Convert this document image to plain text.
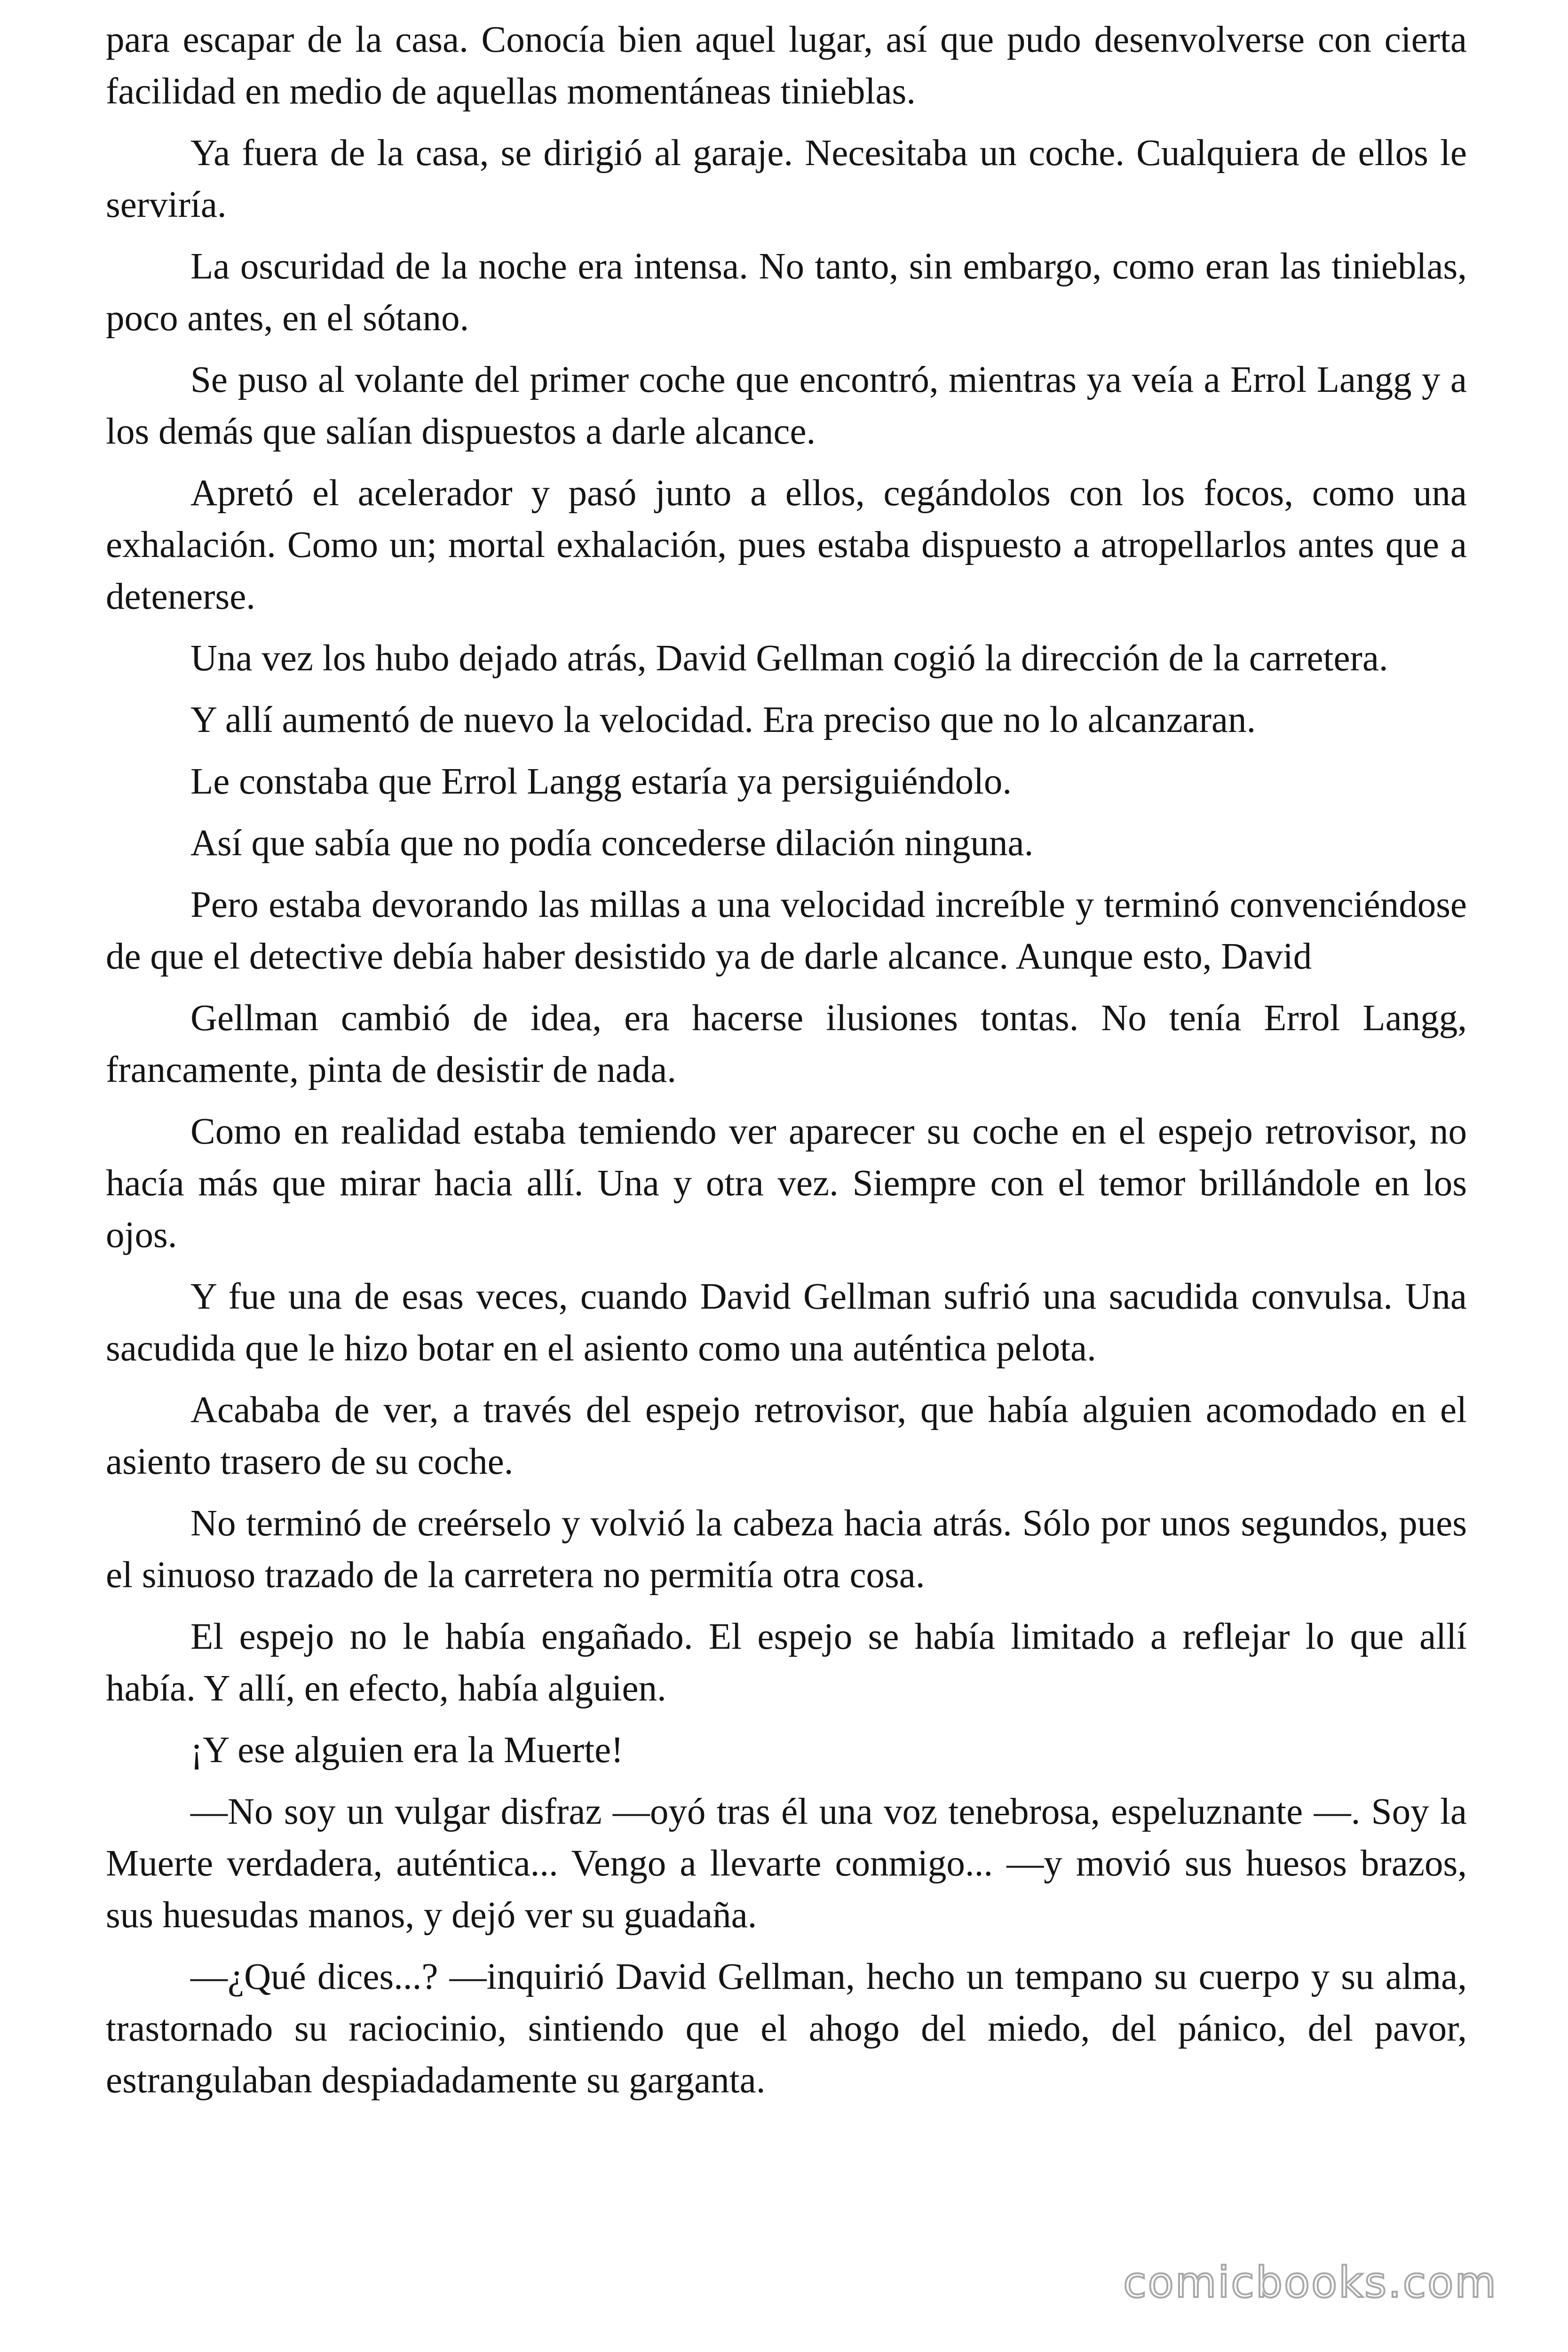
para escapar de la casa. Conocía bien aquel lugar, así que pudo desenvolverse con cierta facilidad en medio de aquellas momentáneas tinieblas.

Ya fuera de la casa, se dirigió al garaje. Necesitaba un coche. Cualquiera de ellos le serviría.

La oscuridad de la noche era intensa. No tanto, sin embargo, como eran las tinieblas, poco antes, en el sótano.

Se puso al volante del primer coche que encontró, mientras ya veía a Errol Langg y a los demás que salían dispuestos a darle alcance.

Apretó el acelerador y pasó junto a ellos, cegándolos con los focos, como una exhalación. Como un; mortal exhalación, pues estaba dispuesto a atropellarlos antes que a detenerse.

Una vez los hubo dejado atrás, David Gellman cogió la dirección de la carretera.

Y allí aumentó de nuevo la velocidad. Era preciso que no lo alcanzaran.

Le constaba que Errol Langg estaría ya persiguiéndolo.

Así que sabía que no podía concederse dilación ninguna.

Pero estaba devorando las millas a una velocidad increíble y terminó convenciéndose de que el detective debía haber desistido ya de darle alcance. Aunque esto, David

Gellman cambió de idea, era hacerse ilusiones tontas. No tenía Errol Langg, francamente, pinta de desistir de nada.

Como en realidad estaba temiendo ver aparecer su coche en el espejo retrovisor, no hacía más que mirar hacia allí. Una y otra vez. Siempre con el temor brillándole en los ojos.

Y fue una de esas veces, cuando David Gellman sufrió una sacudida convulsa. Una sacudida que le hizo botar en el asiento como una auténtica pelota.

Acababa de ver, a través del espejo retrovisor, que había alguien acomodado en el asiento trasero de su coche.

No terminó de creérselo y volvió la cabeza hacia atrás. Sólo por unos segundos, pues el sinuoso trazado de la carretera no permitía otra cosa.

El espejo no le había engañado. El espejo se había limitado a reflejar lo que allí había. Y allí, en efecto, había alguien.

¡Y ese alguien era la Muerte!

—No soy un vulgar disfraz —oyó tras él una voz tenebrosa, espeluznante —. Soy la Muerte verdadera, auténtica... Vengo a llevarte conmigo... —y movió sus huesos brazos, sus huesudas manos, y dejó ver su guadaña.

—¿Qué dices...? —inquirió David Gellman, hecho un tempano su cuerpo y su alma, trastornado su raciocinio, sintiendo que el ahogo del miedo, del pánico, del pavor, estrangulaban despiadadamente su garganta.

comicbooks.com
